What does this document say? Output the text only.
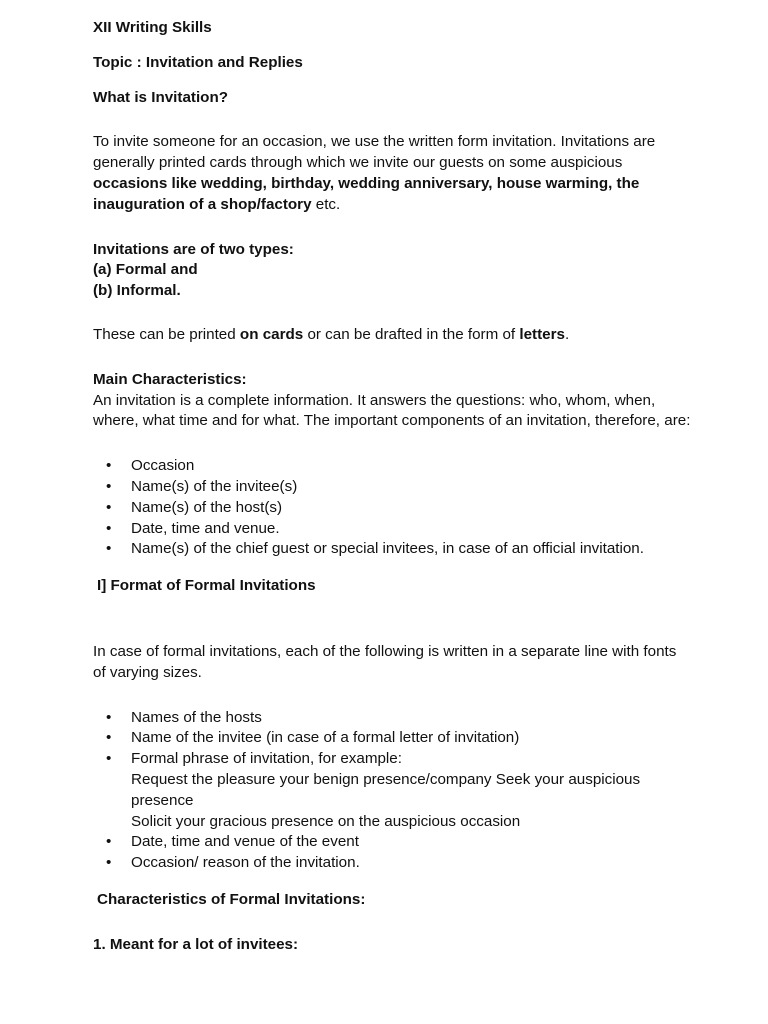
XII Writing Skills

Topic : Invitation and Replies

What is Invitation?

To invite someone for an occasion, we use the written form invitation. Invitations are generally printed cards through which we invite our guests on some auspicious occasions like wedding, birthday, wedding anniversary, house warming, the inauguration of a shop/factory etc.

Invitations are of two types:

(a) Formal and

(b) Informal.

These can be printed on cards or can be drafted in the form of letters.

Main Characteristics:

An invitation is a complete information. It answers the questions: who, whom, when, where, what time and for what. The important components of an invitation, therefore, are:

• Occasion
• Name(s) of the invitee(s)
• Name(s) of the host(s)
• Date, time and venue.
• Name(s) of the chief guest or special invitees, in case of an official invitation.

I] Format of Formal Invitations

In case of formal invitations, each of the following is written in a separate line with fonts of varying sizes.

• Names of the hosts
• Name of the invitee (in case of a formal letter of invitation)
• Formal phrase of invitation, for example:
Request the pleasure your benign presence/company Seek your auspicious presence
Solicit your gracious presence on the auspicious occasion
• Date, time and venue of the event
• Occasion/ reason of the invitation.

Characteristics of Formal Invitations:

1. Meant for a lot of invitees:
